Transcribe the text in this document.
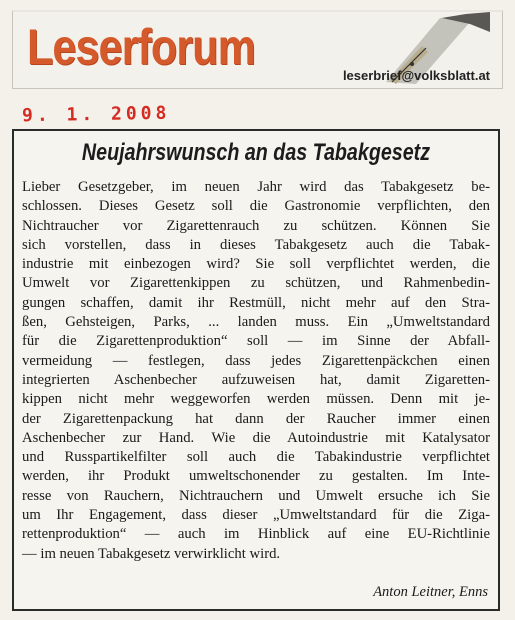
Leserforum
leserbrief@volksblatt.at
9. 1. 2008
Neujahrswunsch an das Tabakgesetz
Lieber Gesetzgeber, im neuen Jahr wird das Tabakgesetz be-
schlossen. Dieses Gesetz soll die Gastronomie verpflichten, den
Nichtraucher vor Zigarettenrauch zu schützen. Können Sie
sich vorstellen, dass in dieses Tabakgesetz auch die Tabak-
industrie mit einbezogen wird? Sie soll verpflichtet werden, die
Umwelt vor Zigarettenkippen zu schützen, und Rahmenbedin-
gungen schaffen, damit ihr Restmüll, nicht mehr auf den Stra-
ßen, Gehsteigen, Parks, ... landen muss. Ein „Umweltstandard
für die Zigarettenproduktion“ soll — im Sinne der Abfall-
vermeidung — festlegen, dass jedes Zigarettenpäckchen einen
integrierten Aschenbecher aufzuweisen hat, damit Zigaretten-
kippen nicht mehr weggeworfen werden müssen. Denn mit je-
der Zigarettenpackung hat dann der Raucher immer einen
Aschenbecher zur Hand. Wie die Autoindustrie mit Katalysator
und Russpartikelfilter soll auch die Tabakindustrie verpflichtet
werden, ihr Produkt umweltschonender zu gestalten. Im Inte-
resse von Rauchern, Nichtrauchern und Umwelt ersuche ich Sie
um Ihr Engagement, dass dieser „Umweltstandard für die Ziga-
rettenproduktion“ — auch im Hinblick auf eine EU-Richtlinie
— im neuen Tabakgesetz verwirklicht wird.
Anton Leitner, Enns
